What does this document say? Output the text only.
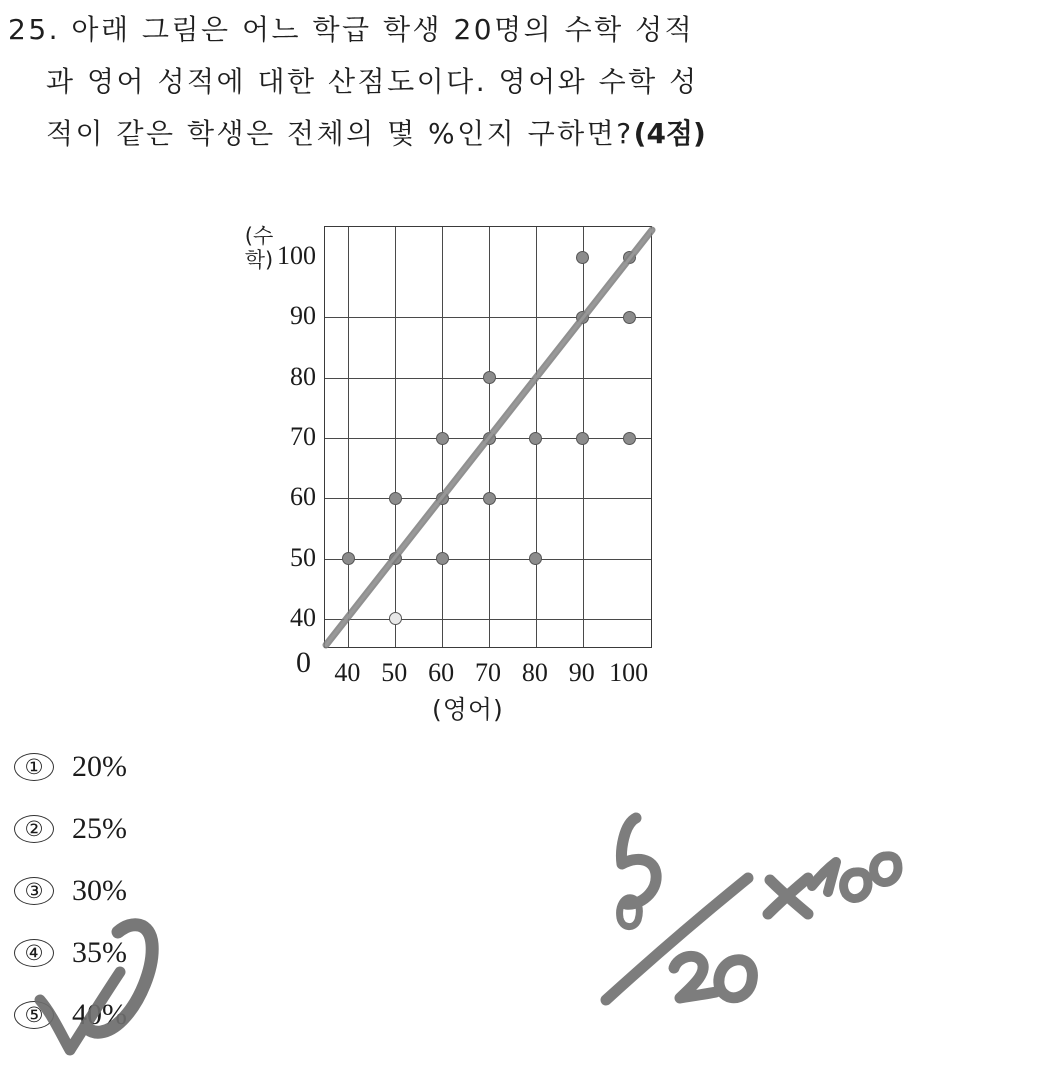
25. 아래 그림은 어느 학급 학생 20명의 수학 성적
과 영어 성적에 대한 산점도이다. 영어와 수학 성
적이 같은 학생은 전체의 몇 %인지 구하면?(4점)
(수학)
0
(영어)
40
50
60
70
80
90
100
40 50 60 70 80 90 100
① 20%
② 25%
③ 30%
④ 35%
⑤ 40%
